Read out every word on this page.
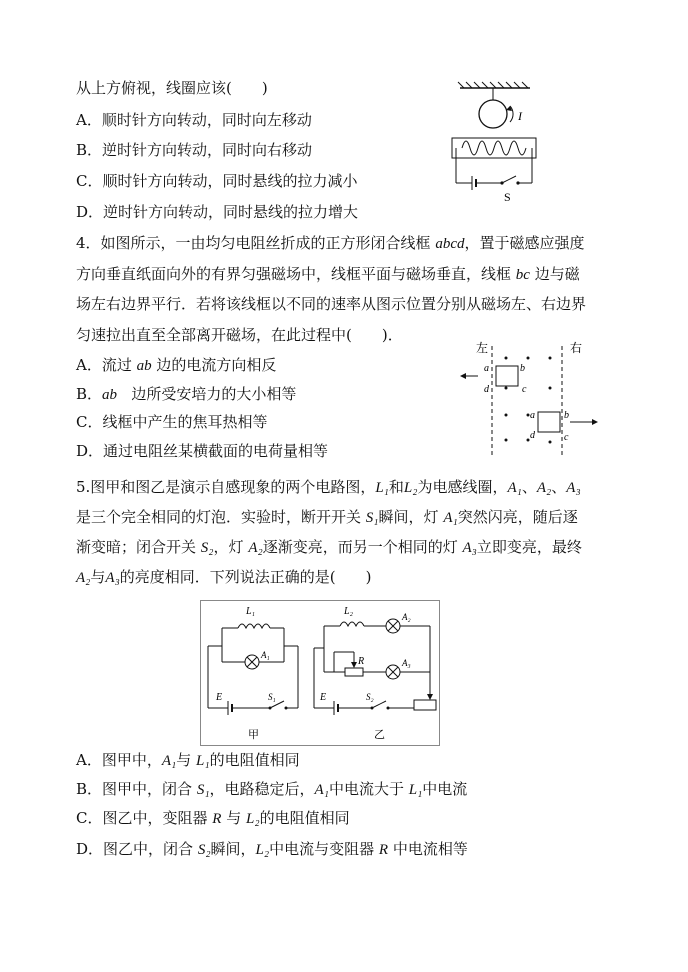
从上方俯视，线圈应该(　　)
A．顺时针方向转动，同时向左移动
B．逆时针方向转动，同时向右移动
C．顺时针方向转动，同时悬线的拉力减小
D．逆时针方向转动，同时悬线的拉力增大
I
S
4．如图所示，一由均匀电阻丝折成的正方形闭合线框 abcd，置于磁感应强度
方向垂直纸面向外的有界匀强磁场中，线框平面与磁场垂直，线框 bc 边与磁
场左右边界平行．若将该线框以不同的速率从图示位置分别从磁场左、右边界
匀速拉出直至全部离开磁场，在此过程中(　　)．
A．流过 ab 边的电流方向相反
B．ab 边所受安培力的大小相等
C．线框中产生的焦耳热相等
D．通过电阻丝某横截面的电荷量相等
左	右
a
d
b
c
a
d
b
c
5.图甲和图乙是演示自感现象的两个电路图，L₁和L₂为电感线圈，A₁、A₂、A₃
是三个完全相同的灯泡．实验时，断开开关 S₁瞬间，灯 A₁突然闪亮，随后逐
渐变暗；闭合开关 S₂，灯 A₂逐渐变亮，而另一个相同的灯 A₃立即变亮，最终
A₂与A₃的亮度相同．下列说法正确的是(　　)
L₁
A₁
E	S₁
甲
L₂	A₂
R	A₃
E	S₂
乙
A．图甲中，A₁与 L₁的电阻值相同
B．图甲中，闭合 S₁，电路稳定后，A₁中电流大于 L₁中电流
C．图乙中，变阻器 R 与 L₂的电阻值相同
D．图乙中，闭合 S₂瞬间，L₂中电流与变阻器 R 中电流相等
